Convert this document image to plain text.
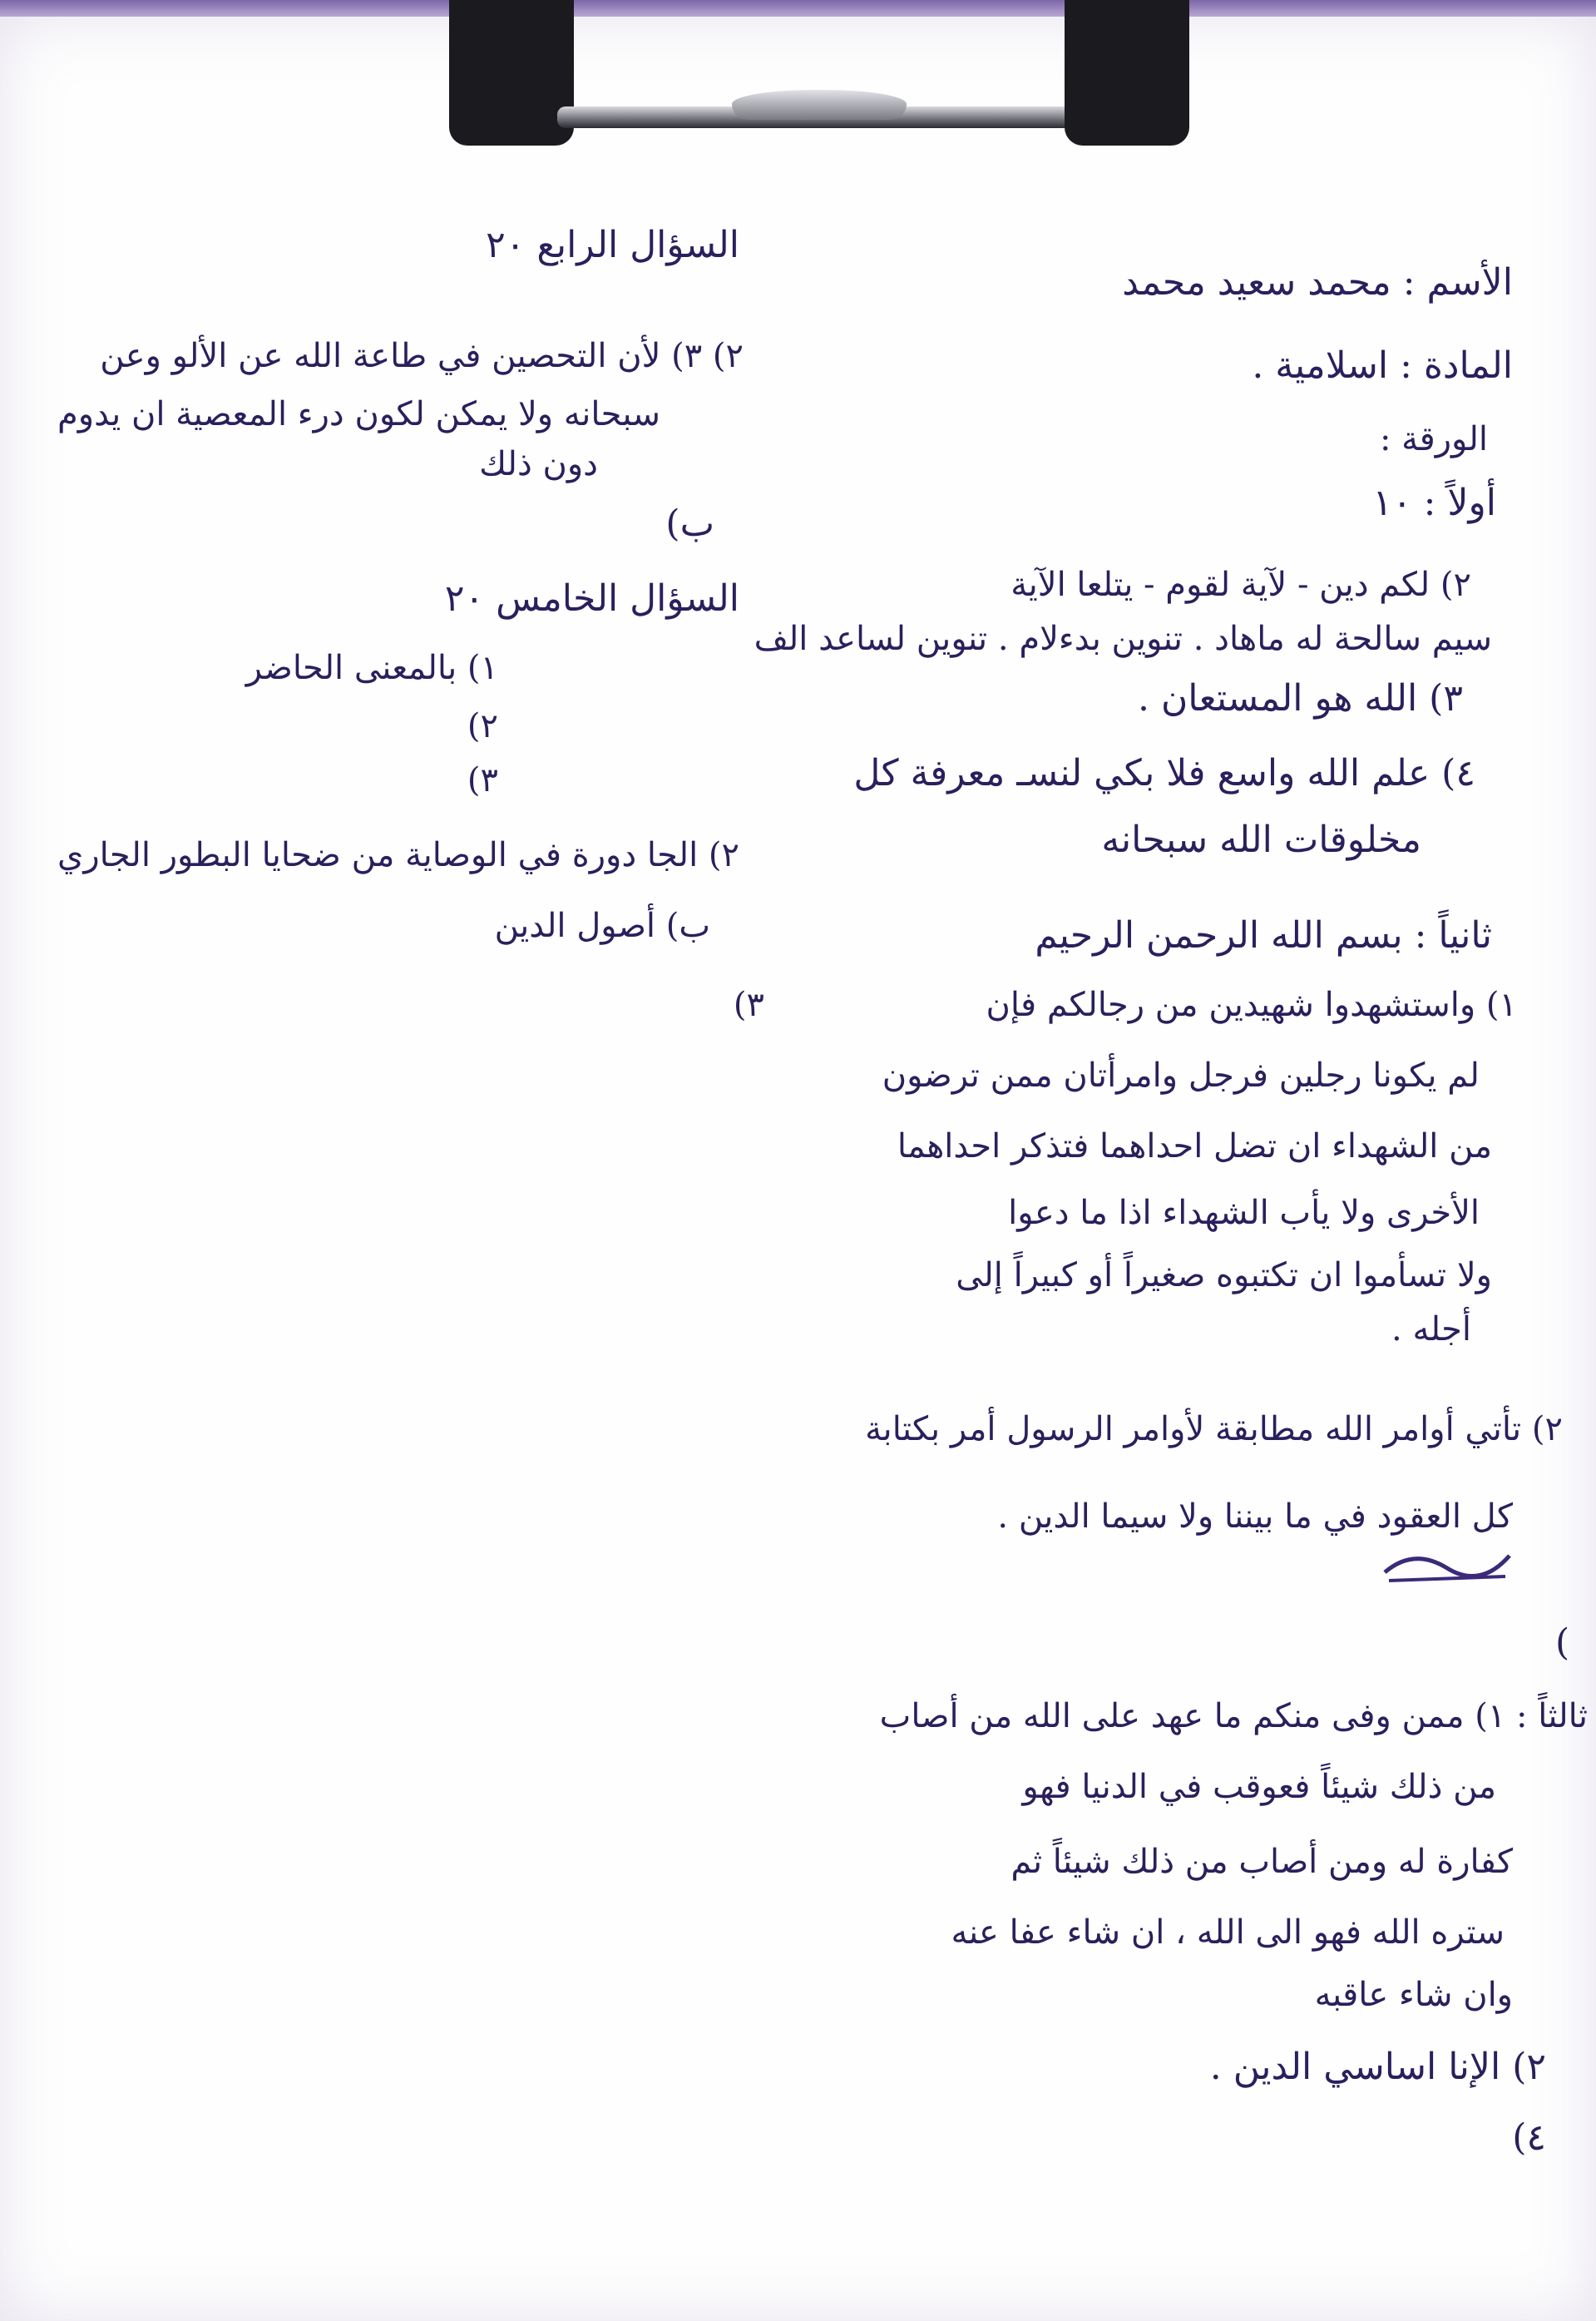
الأسم : محمد سعيد محمد
المادة : اسلامية .
الورقة :
أولاً : ١٠
٢) لكم دين - لآية لقوم - يتلعا الآية
سيم سالحة له ماهاد . تنوين بدءلام . تنوين لساعد الف
٣) الله هو المستعان .
٤) علم الله واسع فلا بكي لنسـ معرفة كل
مخلوقات الله سبحانه
ثانياً : بسم الله الرحمن الرحيم
١) واستشهدوا شهيدين من رجالكم فإن
لم يكونا رجلين فرجل وامرأتان ممن ترضون
من الشهداء ان تضل احداهما فتذكر احداهما
الأخرى ولا يأب الشهداء اذا ما دعوا
ولا تسأموا ان تكتبوه صغيراً أو كبيراً إلى
أجله .
٢) تأتي أوامر الله مطابقة لأوامر الرسول أمر بكتابة
كل العقود في ما بيننا ولا سيما الدين .
)
ثالثاً : ١) ممن وفى منكم ما عهد على الله من أصاب
من ذلك شيئاً فعوقب في الدنيا فهو
كفارة له ومن أصاب من ذلك شيئاً ثم
ستره الله فهو الى الله ، ان شاء عفا عنه
وان شاء عاقبه
٢) الإنا اساسي الدين .
٤)
السؤال الرابع ٢٠
٢) ٣) لأن التحصين في طاعة الله عن الألو وعن
سبحانه ولا يمكن لكون درء المعصية ان يدوم
دون ذلك
ب)
السؤال الخامس ٢٠
١) بالمعنى الحاضر
٢)
٣)
٢) الجا دورة في الوصاية من ضحايا البطور الجاري
ب) أصول الدين
٣)
